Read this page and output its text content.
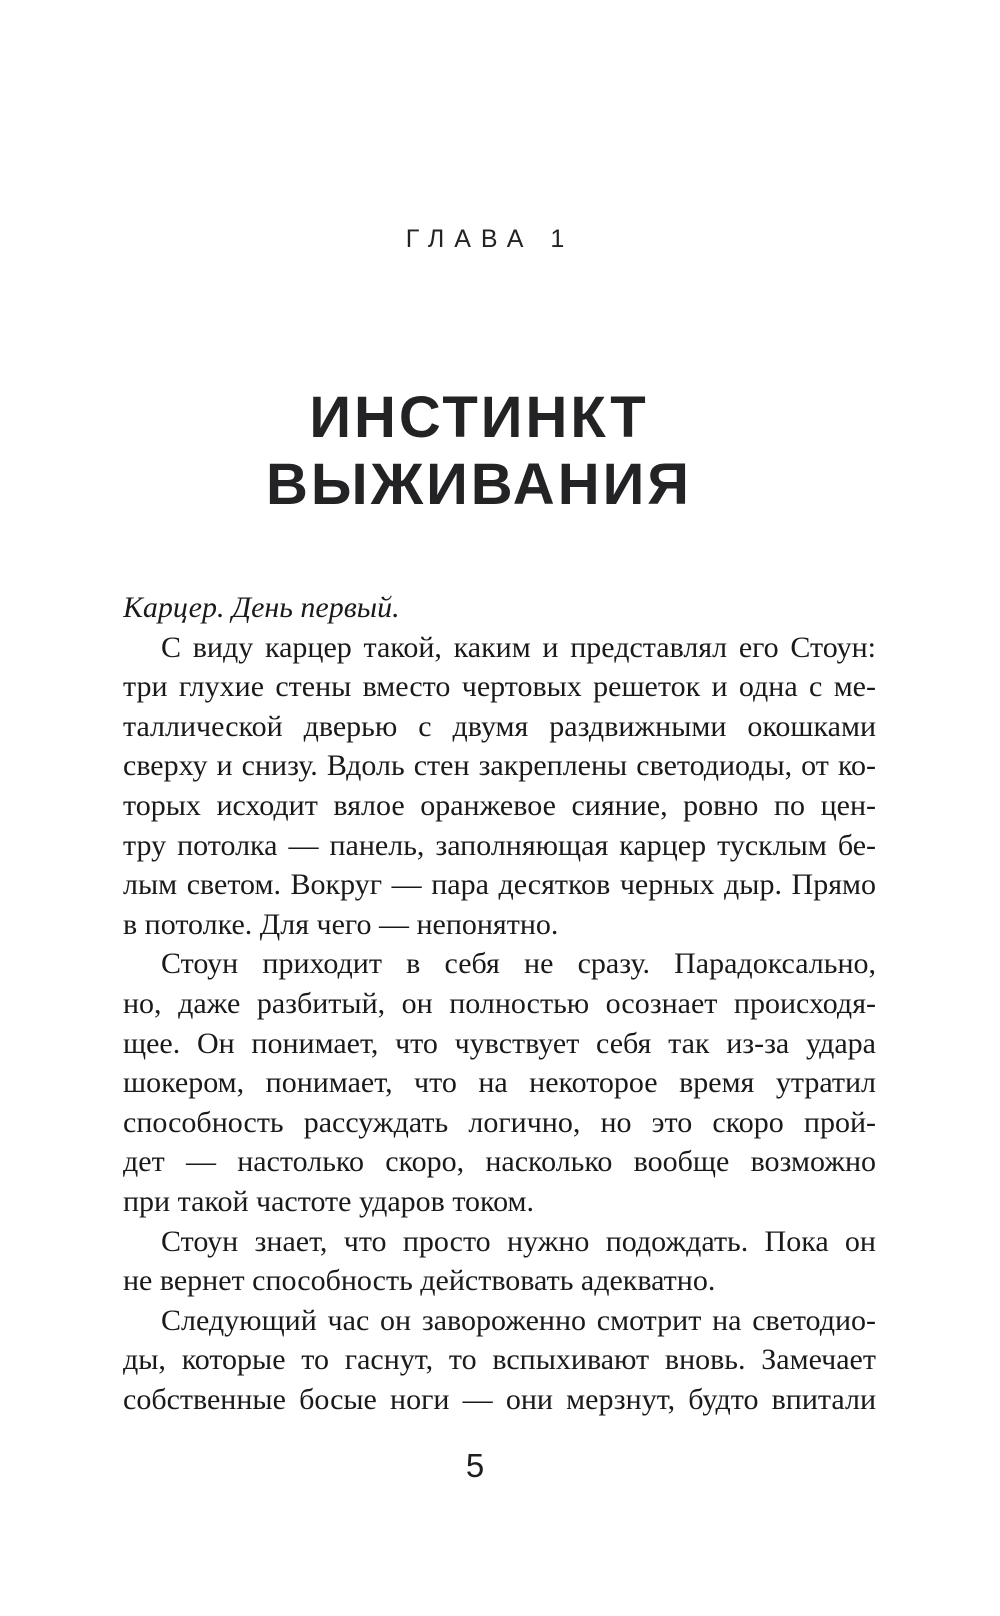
ГЛАВА 1
ИНСТИНКТ
ВЫЖИВАНИЯ
Карцер. День первый.
С виду карцер такой, каким и представлял его Стоун:
три глухие стены вместо чертовых решеток и одна с ме-
таллической дверью с двумя раздвижными окошками
сверху и снизу. Вдоль стен закреплены светодиоды, от ко-
торых исходит вялое оранжевое сияние, ровно по цен-
тру потолка — панель, заполняющая карцер тусклым бе-
лым светом. Вокруг — пара десятков черных дыр. Прямо
в потолке. Для чего — непонятно.
Стоун приходит в себя не сразу. Парадоксально,
но, даже разбитый, он полностью осознает происходя-
щее. Он понимает, что чувствует себя так из-за удара
шокером, понимает, что на некоторое время утратил
способность рассуждать логично, но это скоро прой-
дет — настолько скоро, насколько вообще возможно
при такой частоте ударов током.
Стоун знает, что просто нужно подождать. Пока он
не вернет способность действовать адекватно.
Следующий час он завороженно смотрит на светодио-
ды, которые то гаснут, то вспыхивают вновь. Замечает
собственные босые ноги — они мерзнут, будто впитали
5
